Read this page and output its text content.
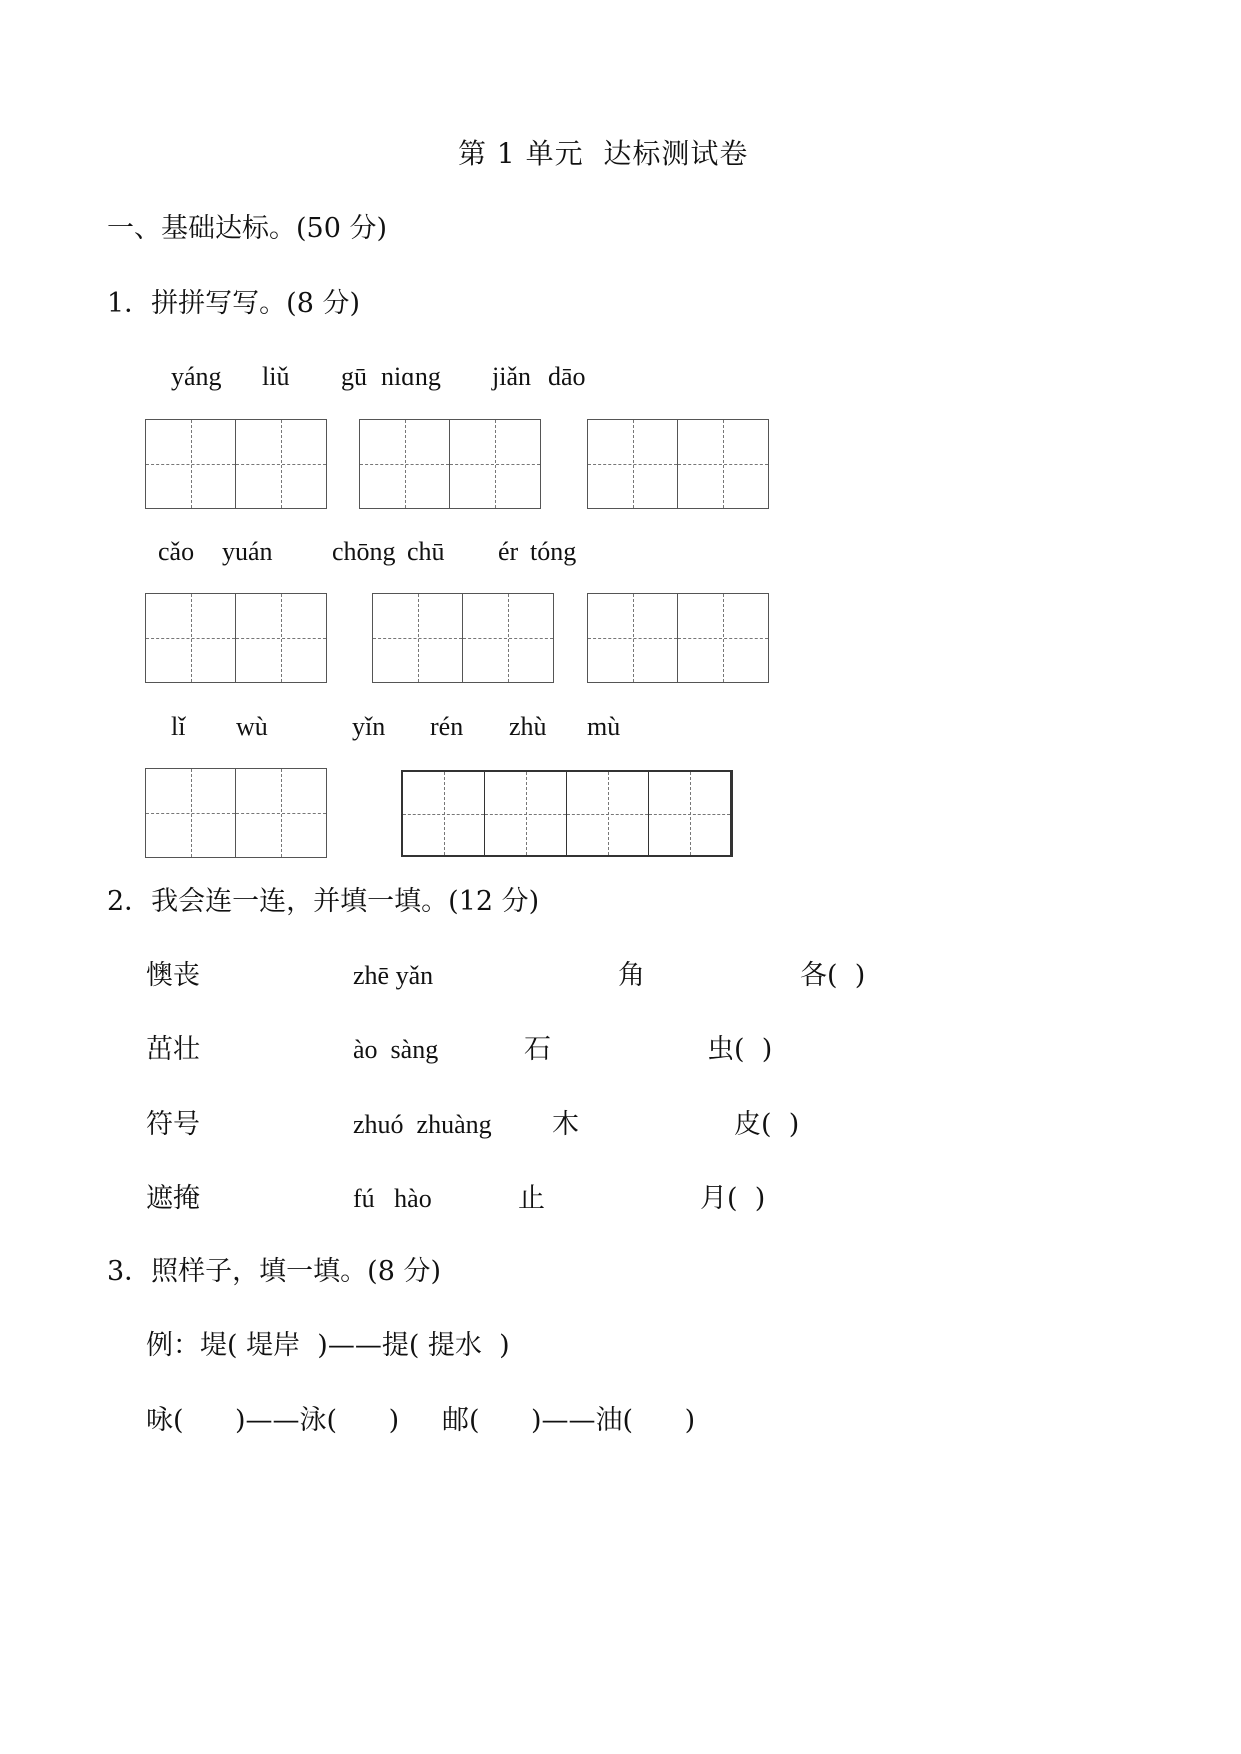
第 1 单元  达标测试卷
一、基础达标。(50 分)
1．拼拼写写。(8 分)
yáng liǔ gū niɑng jiǎn dāo
cǎo yuán chōng chū ér tóng
lǐ wù	yǐn rén zhù mù
2．我会连一连，并填一填。(12 分)
懊丧	zhē yǎn	角	各(  )
茁壮	ào  sàng	石	虫(  )
符号	zhuó  zhuàng 木	皮(  )
遮掩	fú   hào	止	月(  )
3．照样子，填一填。(8 分)
例：堤( 堤岸  )——提( 提水  )
咏(      )——泳(      ) 邮(      )——油(      )
